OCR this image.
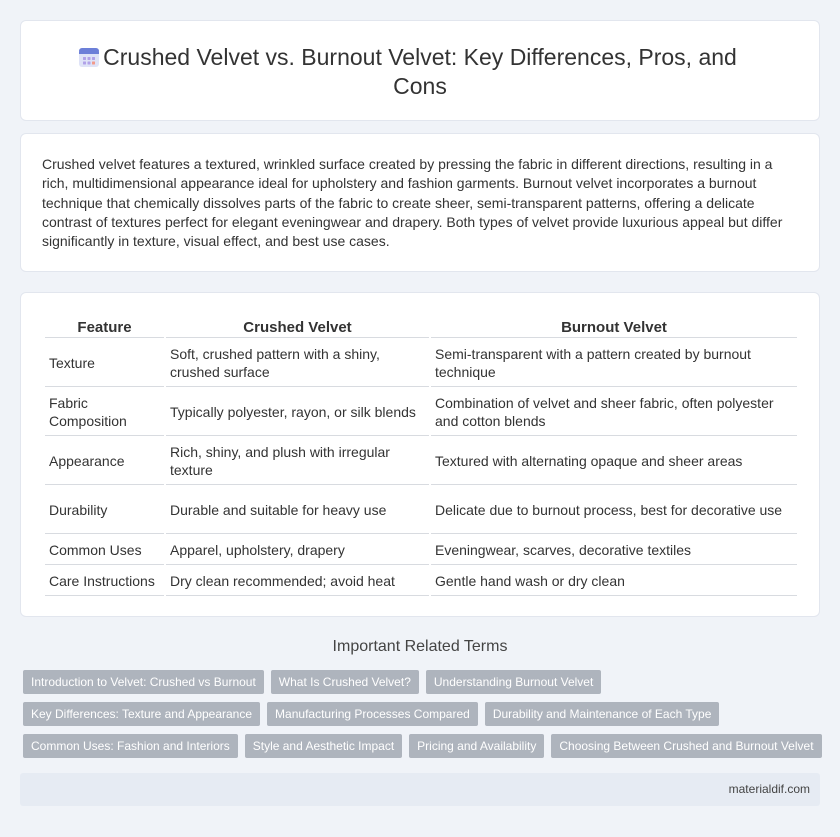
Crushed Velvet vs. Burnout Velvet: Key Differences, Pros, and Cons

Crushed velvet features a textured, wrinkled surface created by pressing the fabric in different directions, resulting in a rich, multidimensional appearance ideal for upholstery and fashion garments. Burnout velvet incorporates a burnout technique that chemically dissolves parts of the fabric to create sheer, semi-transparent patterns, offering a delicate contrast of textures perfect for elegant eveningwear and drapery. Both types of velvet provide luxurious appeal but differ significantly in texture, visual effect, and best use cases.

Feature	Crushed Velvet	Burnout Velvet
Texture	Soft, crushed pattern with a shiny, crushed surface	Semi-transparent with a pattern created by burnout technique
Fabric Composition	Typically polyester, rayon, or silk blends	Combination of velvet and sheer fabric, often polyester and cotton blends
Appearance	Rich, shiny, and plush with irregular texture	Textured with alternating opaque and sheer areas
Durability	Durable and suitable for heavy use	Delicate due to burnout process, best for decorative use
Common Uses	Apparel, upholstery, drapery	Eveningwear, scarves, decorative textiles
Care Instructions	Dry clean recommended; avoid heat	Gentle hand wash or dry clean
Important Related Terms
Introduction to Velvet: Crushed vs Burnout	What Is Crushed Velvet?	Understanding Burnout Velvet
Key Differences: Texture and Appearance	Manufacturing Processes Compared	Durability and Maintenance of Each Type
Common Uses: Fashion and Interiors	Style and Aesthetic Impact	Pricing and Availability	Choosing Between Crushed and Burnout Velvet
materialdif.com
